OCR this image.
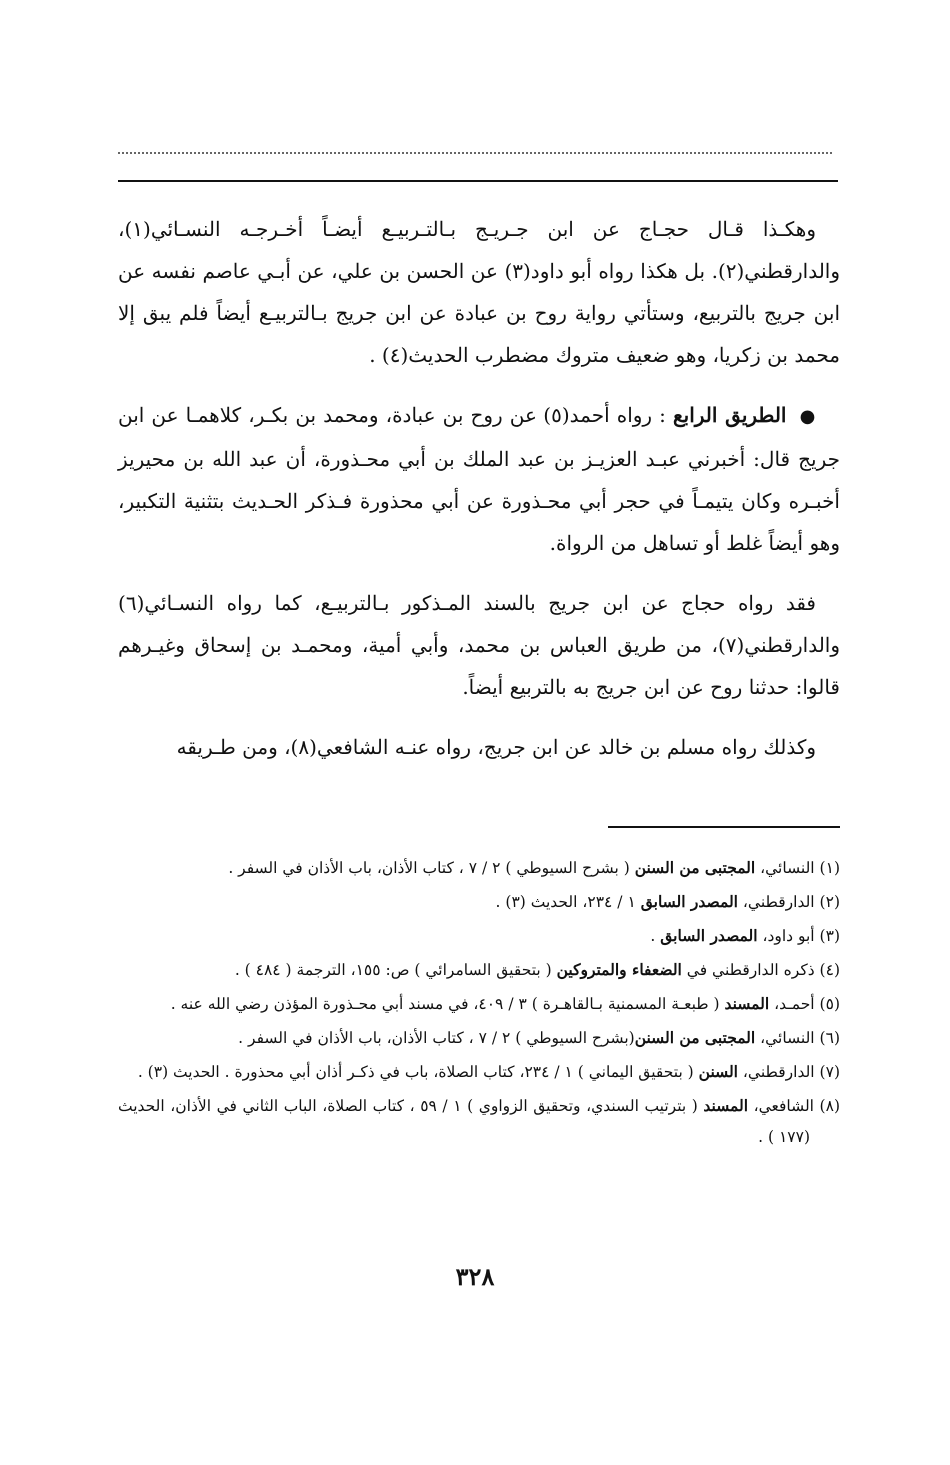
وهكـذا قـال حجـاج عن ابن جـريـج بـالتـربيـع أيضـاً أخـرجـه النسـائي(١)، والدارقطني(٢). بل هكذا رواه أبو داود(٣) عن الحسن بن علي، عن أبـي عاصم نفسه عن ابن جريج بالتربيع، وستأتي رواية روح بن عبادة عن ابن جريج بـالتربيـع أيضاً فلم يبق إلا محمد بن زكريا، وهو ضعيف متروك مضطرب الحديث(٤) .

● الطريق الرابع : رواه أحمد(٥) عن روح بن عبادة، ومحمد بن بكـر، كلاهمـا عن ابن جريج قال: أخبرني عبـد العزيـز بن عبد الملك بن أبي محـذورة، أن عبد الله بن محيريز أخبـره وكان يتيمـاً في حجر أبي محـذورة عن أبي محذورة فـذكر الحـديث بتثنية التكبير، وهو أيضاً غلط أو تساهل من الرواة.

فقد رواه حجاج عن ابن جريج بالسند المـذكور بـالتربيـع، كما رواه النسـائي(٦) والدارقطني(٧)، من طريق العباس بن محمد، وأبي أمية، ومحمـد بن إسحاق وغيـرهم قالوا: حدثنا روح عن ابن جريج به بالتربيع أيضاً.

وكذلك رواه مسلم بن خالد عن ابن جريج، رواه عنـه الشافعي(٨)، ومن طـريقه

(١) النسائي، المجتبى من السنن ( بشرح السيوطي ) ٢ / ٧ ، كتاب الأذان، باب الأذان في السفر .
(٢) الدارقطني، المصدر السابق ١ / ٢٣٤، الحديث (٣) .
(٣) أبو داود، المصدر السابق .
(٤) ذكره الدارقطني في الضعفاء والمتروكين ( بتحقيق السامرائي ) ص: ١٥٥، الترجمة ( ٤٨٤ ) .
(٥) أحمـد، المسند ( طبعـة المسمنية بـالقاهـرة ) ٣ / ٤٠٩، في مسند أبي محـذورة المؤذن رضي الله عنه .
(٦) النسائي، المجتبى من السنن(بشرح السيوطي ) ٢ / ٧ ، كتاب الأذان، باب الأذان في السفر .
(٧) الدارقطني، السنن ( بتحقيق اليماني ) ١ / ٢٣٤، كتاب الصلاة، باب في ذكـر أذان أبي محذورة . الحديث (٣) .
(٨) الشافعي، المسند ( بترتيب السندي، وتحقيق الزواوي ) ١ / ٥٩ ، كتاب الصلاة، الباب الثاني في الأذان، الحديث (١٧٧ ) .
٣٢٨
